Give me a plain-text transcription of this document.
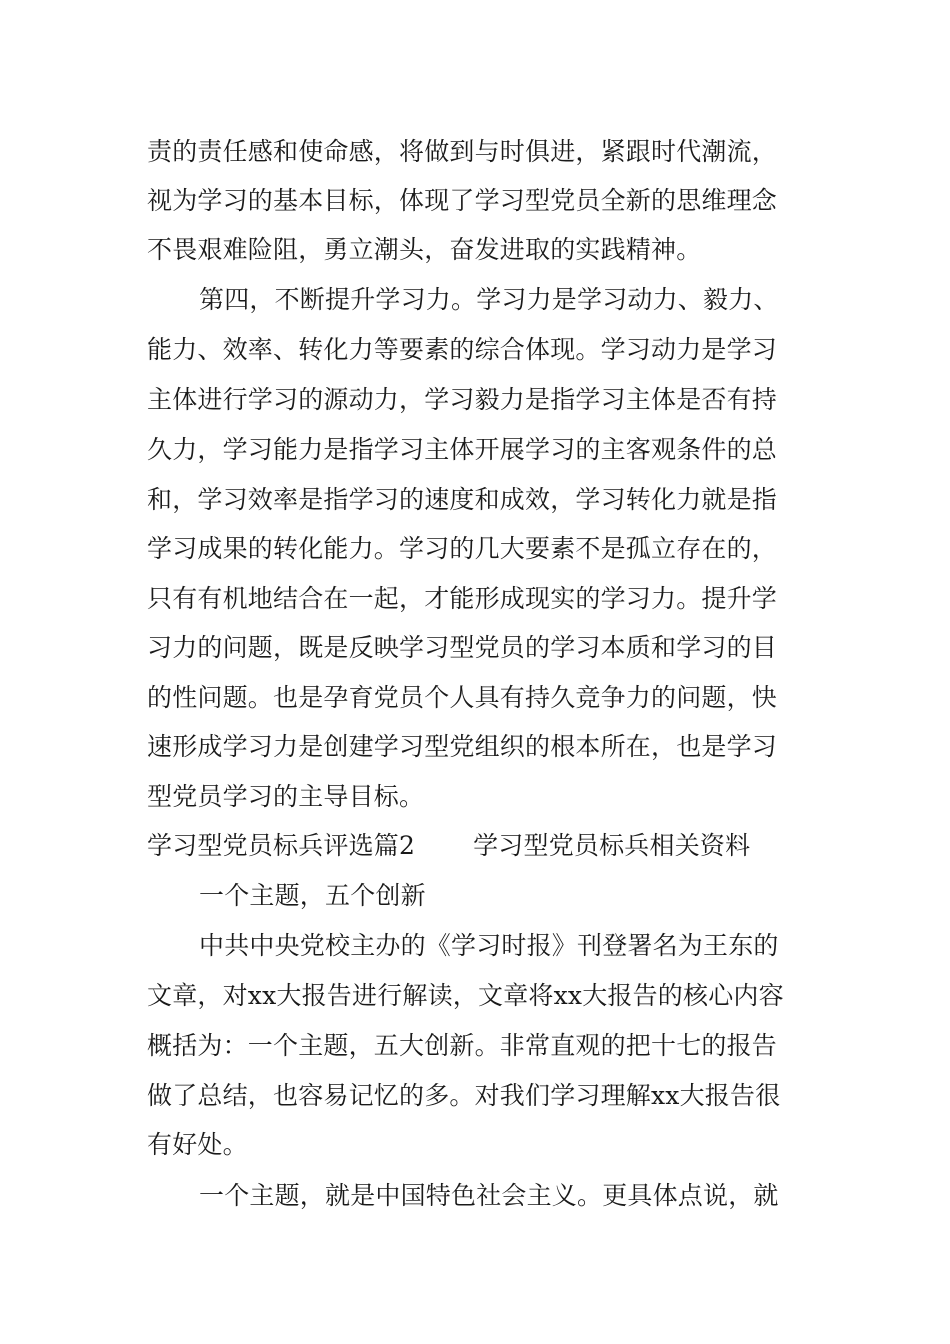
责的责任感和使命感，将做到与时俱进，紧跟时代潮流，
视为学习的基本目标，体现了学习型党员全新的思维理念
不畏艰难险阻，勇立潮头，奋发进取的实践精神。
第四，不断提升学习力。学习力是学习动力、毅力、
能力、效率、转化力等要素的综合体现。学习动力是学习
主体进行学习的源动力，学习毅力是指学习主体是否有持
久力，学习能力是指学习主体开展学习的主客观条件的总
和，学习效率是指学习的速度和成效，学习转化力就是指
学习成果的转化能力。学习的几大要素不是孤立存在的，
只有有机地结合在一起，才能形成现实的学习力。提升学
习力的问题，既是反映学习型党员的学习本质和学习的目
的性问题。也是孕育党员个人具有持久竞争力的问题，快
速形成学习力是创建学习型党组织的根本所在，也是学习
型党员学习的主导目标。
学习型党员标兵评选篇2 学习型党员标兵相关资料
一个主题，五个创新
中共中央党校主办的《学习时报》刊登署名为王东的
文章，对xx大报告进行解读，文章将xx大报告的核心内容
概括为：一个主题，五大创新。非常直观的把十七的报告
做了总结，也容易记忆的多。对我们学习理解xx大报告很
有好处。
一个主题，就是中国特色社会主义。更具体点说，就
